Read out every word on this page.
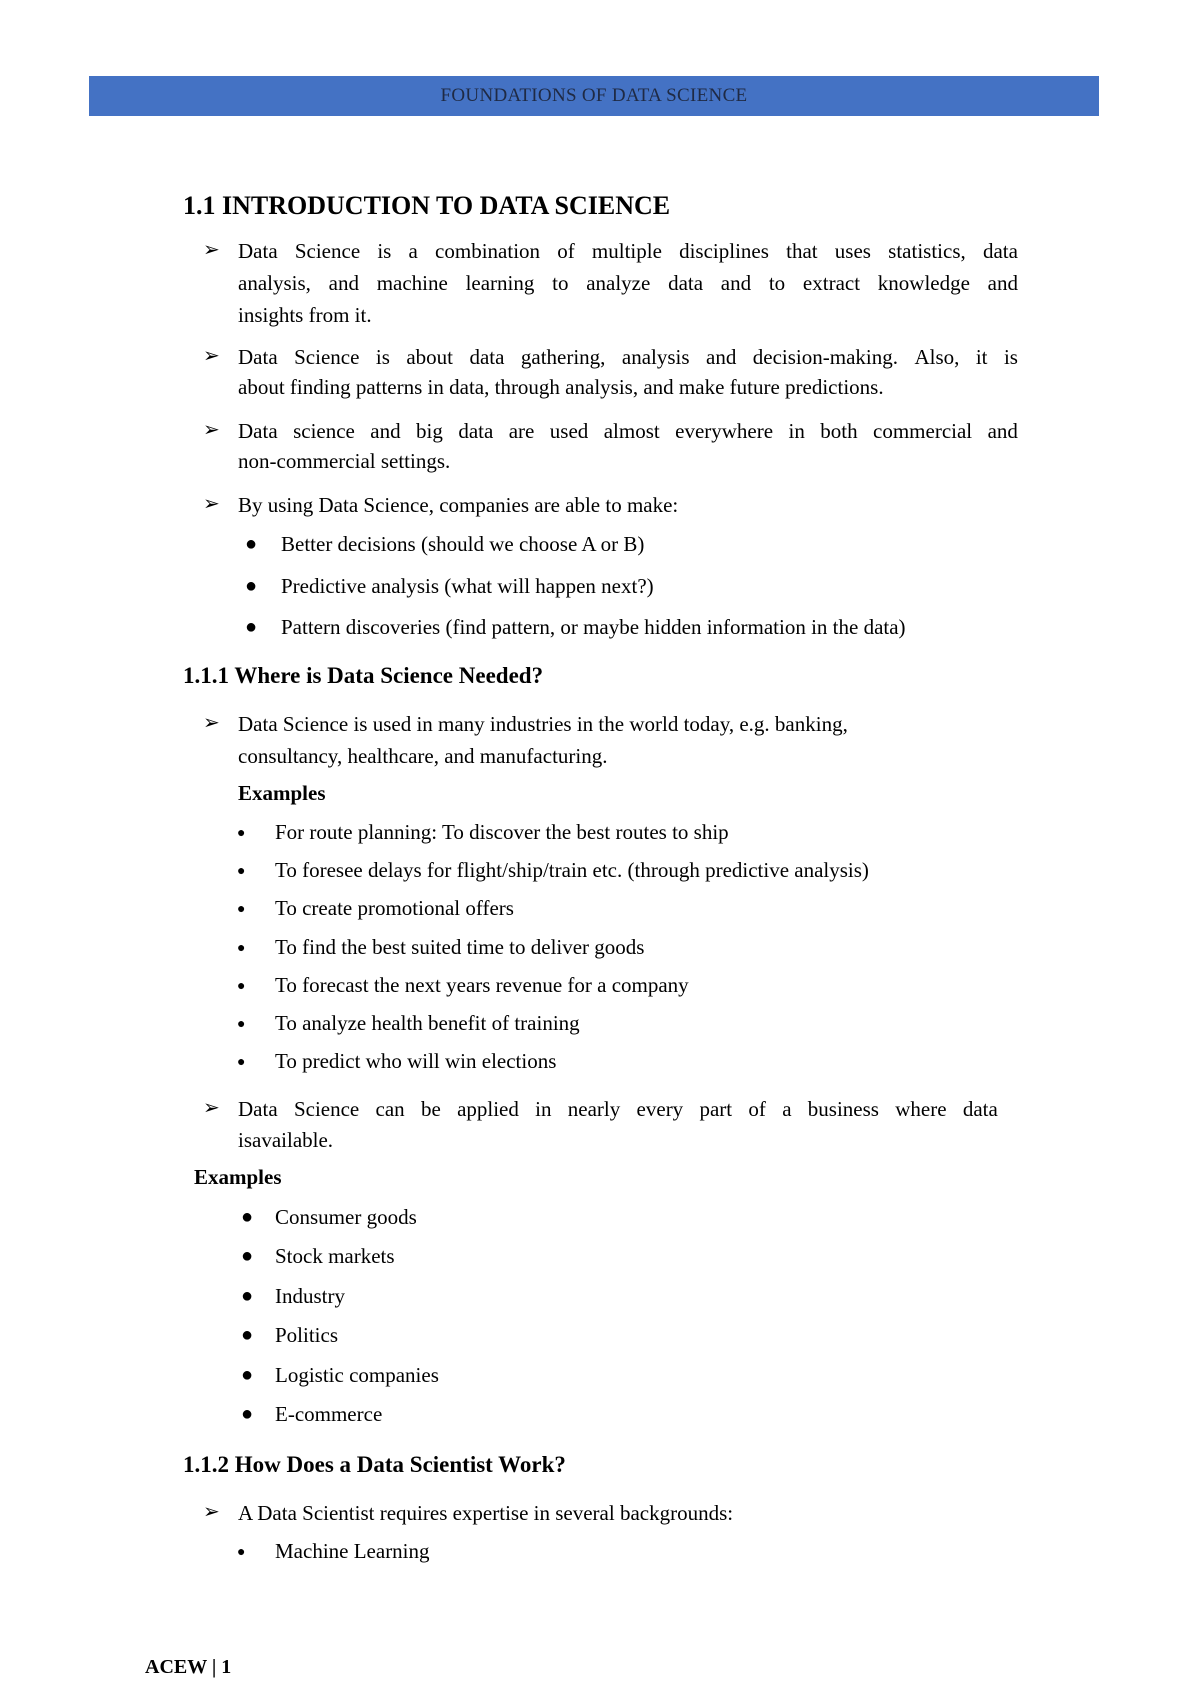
FOUNDATIONS OF DATA SCIENCE
1.1 INTRODUCTION TO DATA SCIENCE
➢ Data Science is a combination of multiple disciplines that uses statistics, data
analysis, and machine learning to analyze data and to extract knowledge and
insights from it.
➢ Data Science is about data gathering, analysis and decision-making. Also, it is
about finding patterns in data, through analysis, and make future predictions.
➢ Data science and big data are used almost everywhere in both commercial and
non-commercial settings.
➢ By using Data Science, companies are able to make:
● Better decisions (should we choose A or B)
● Predictive analysis (what will happen next?)
● Pattern discoveries (find pattern, or maybe hidden information in the data)
1.1.1 Where is Data Science Needed?
➢ Data Science is used in many industries in the world today, e.g. banking,
consultancy, healthcare, and manufacturing.
Examples
● For route planning: To discover the best routes to ship
● To foresee delays for flight/ship/train etc. (through predictive analysis)
● To create promotional offers
● To find the best suited time to deliver goods
● To forecast the next years revenue for a company
● To analyze health benefit of training
● To predict who will win elections
➢ Data Science can be applied in nearly every part of a business where data
isavailable.
Examples
● Consumer goods
● Stock markets
● Industry
● Politics
● Logistic companies
● E-commerce
1.1.2 How Does a Data Scientist Work?
➢ A Data Scientist requires expertise in several backgrounds:
● Machine Learning
ACEW | 1
